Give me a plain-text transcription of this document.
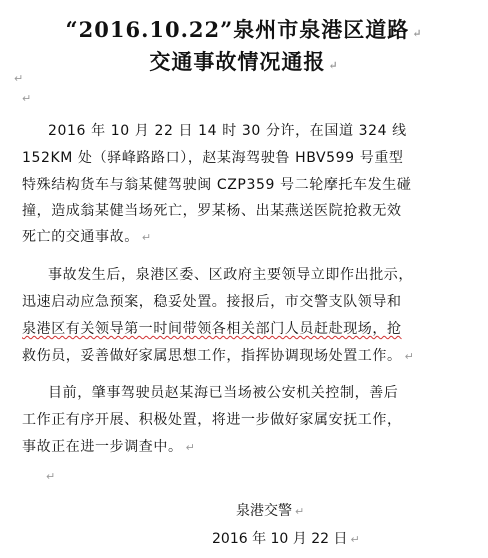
“2016.10.22”泉州市泉港区道路 ↵
交通事故情况通报 ↵
↵
↵
2016 年 10 月 22 日 14 时 30 分许，在国道 324 线
152KM 处（驿峰路路口），赵某海驾驶鲁 HBV599 号重型
特殊结构货车与翁某健驾驶闽 CZP359 号二轮摩托车发生碰
撞，造成翁某健当场死亡，罗某杨、出某燕送医院抢救无效
死亡的交通事故。 ↵
事故发生后，泉港区委、区政府主要领导立即作出批示，
迅速启动应急预案，稳妥处置。接报后，市交警支队领导和
泉港区有关领导第一时间带领各相关部门人员赶赴现场，抢
救伤员，妥善做好家属思想工作，指挥协调现场处置工作。 ↵
目前，肇事驾驶员赵某海已当场被公安机关控制，善后
工作正有序开展、积极处置，将进一步做好家属安抚工作，
事故正在进一步调查中。 ↵
↵
泉港交警 ↵
2016 年 10 月 22 日 ↵
